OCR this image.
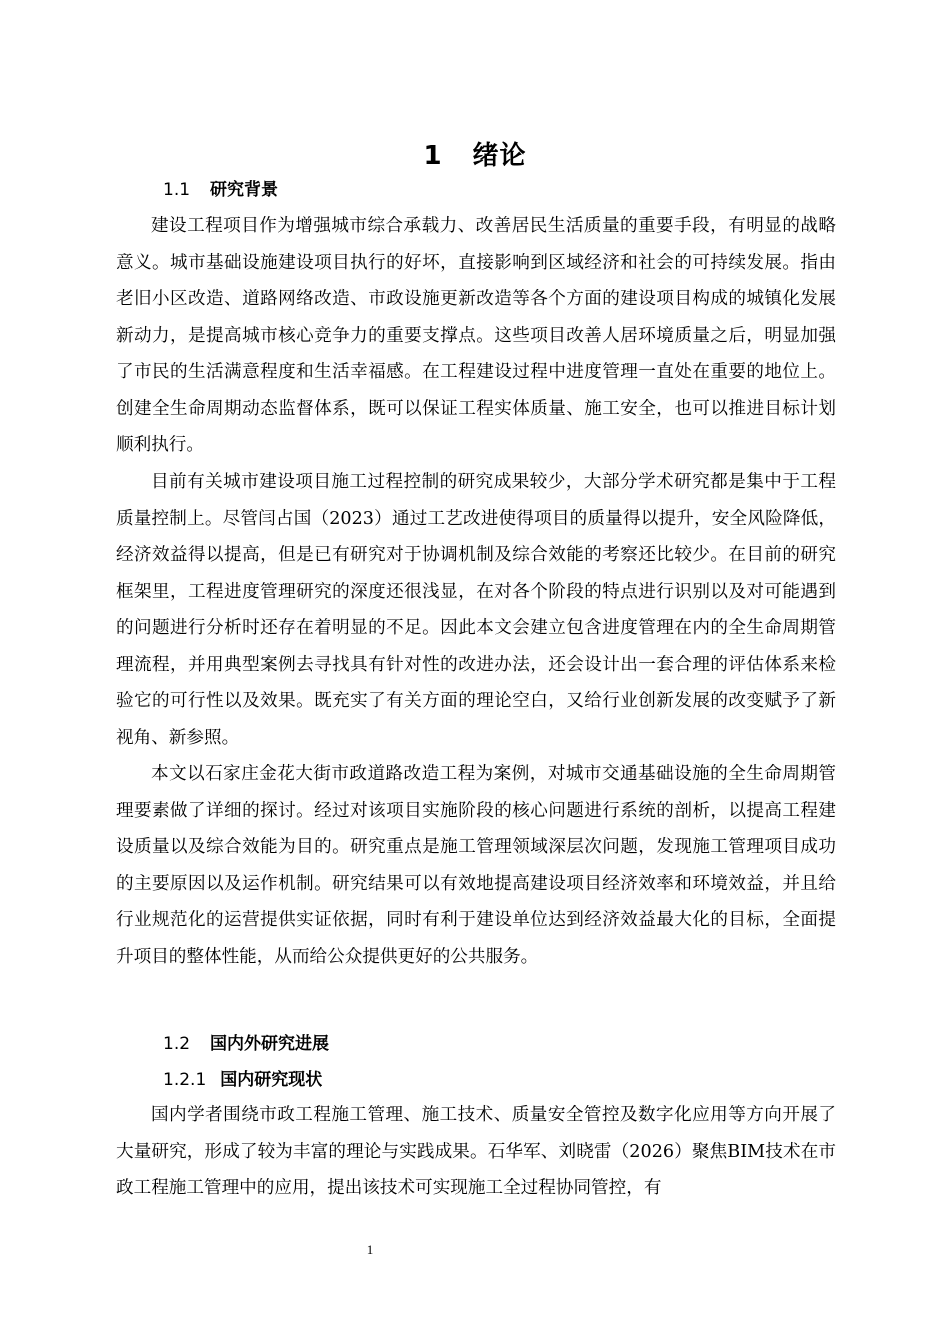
1 绪论
1.1 研究背景

建设工程项目作为增强城市综合承载力、改善居民生活质量的重要手段，有明显的战略意义。城市基础设施建设项目执行的好坏，直接影响到区域经济和社会的可持续发展。指由老旧小区改造、道路网络改造、市政设施更新改造等各个方面的建设项目构成的城镇化发展新动力，是提高城市核心竞争力的重要支撑点。这些项目改善人居环境质量之后，明显加强了市民的生活满意程度和生活幸福感。在工程建设过程中进度管理一直处在重要的地位上。创建全生命周期动态监督体系，既可以保证工程实体质量、施工安全，也可以推进目标计划顺利执行。

目前有关城市建设项目施工过程控制的研究成果较少，大部分学术研究都是集中于工程质量控制上。尽管闫占国（2023）通过工艺改进使得项目的质量得以提升，安全风险降低，经济效益得以提高，但是已有研究对于协调机制及综合效能的考察还比较少。在目前的研究框架里，工程进度管理研究的深度还很浅显，在对各个阶段的特点进行识别以及对可能遇到的问题进行分析时还存在着明显的不足。因此本文会建立包含进度管理在内的全生命周期管理流程，并用典型案例去寻找具有针对性的改进办法，还会设计出一套合理的评估体系来检验它的可行性以及效果。既充实了有关方面的理论空白，又给行业创新发展的改变赋予了新视角、新参照。

本文以石家庄金花大街市政道路改造工程为案例，对城市交通基础设施的全生命周期管理要素做了详细的探讨。经过对该项目实施阶段的核心问题进行系统的剖析，以提高工程建设质量以及综合效能为目的。研究重点是施工管理领域深层次问题，发现施工管理项目成功的主要原因以及运作机制。研究结果可以有效地提高建设项目经济效率和环境效益，并且给行业规范化的运营提供实证依据，同时有利于建设单位达到经济效益最大化的目标，全面提升项目的整体性能，从而给公众提供更好的公共服务。

1.2 国内外研究进展
1.2.1 国内研究现状

国内学者围绕市政工程施工管理、施工技术、质量安全管控及数字化应用等方向开展了大量研究，形成了较为丰富的理论与实践成果。石华军、刘晓雷（2026）聚焦BIM技术在市政工程施工管理中的应用，提出该技术可实现施工全过程协同管控，有

1
